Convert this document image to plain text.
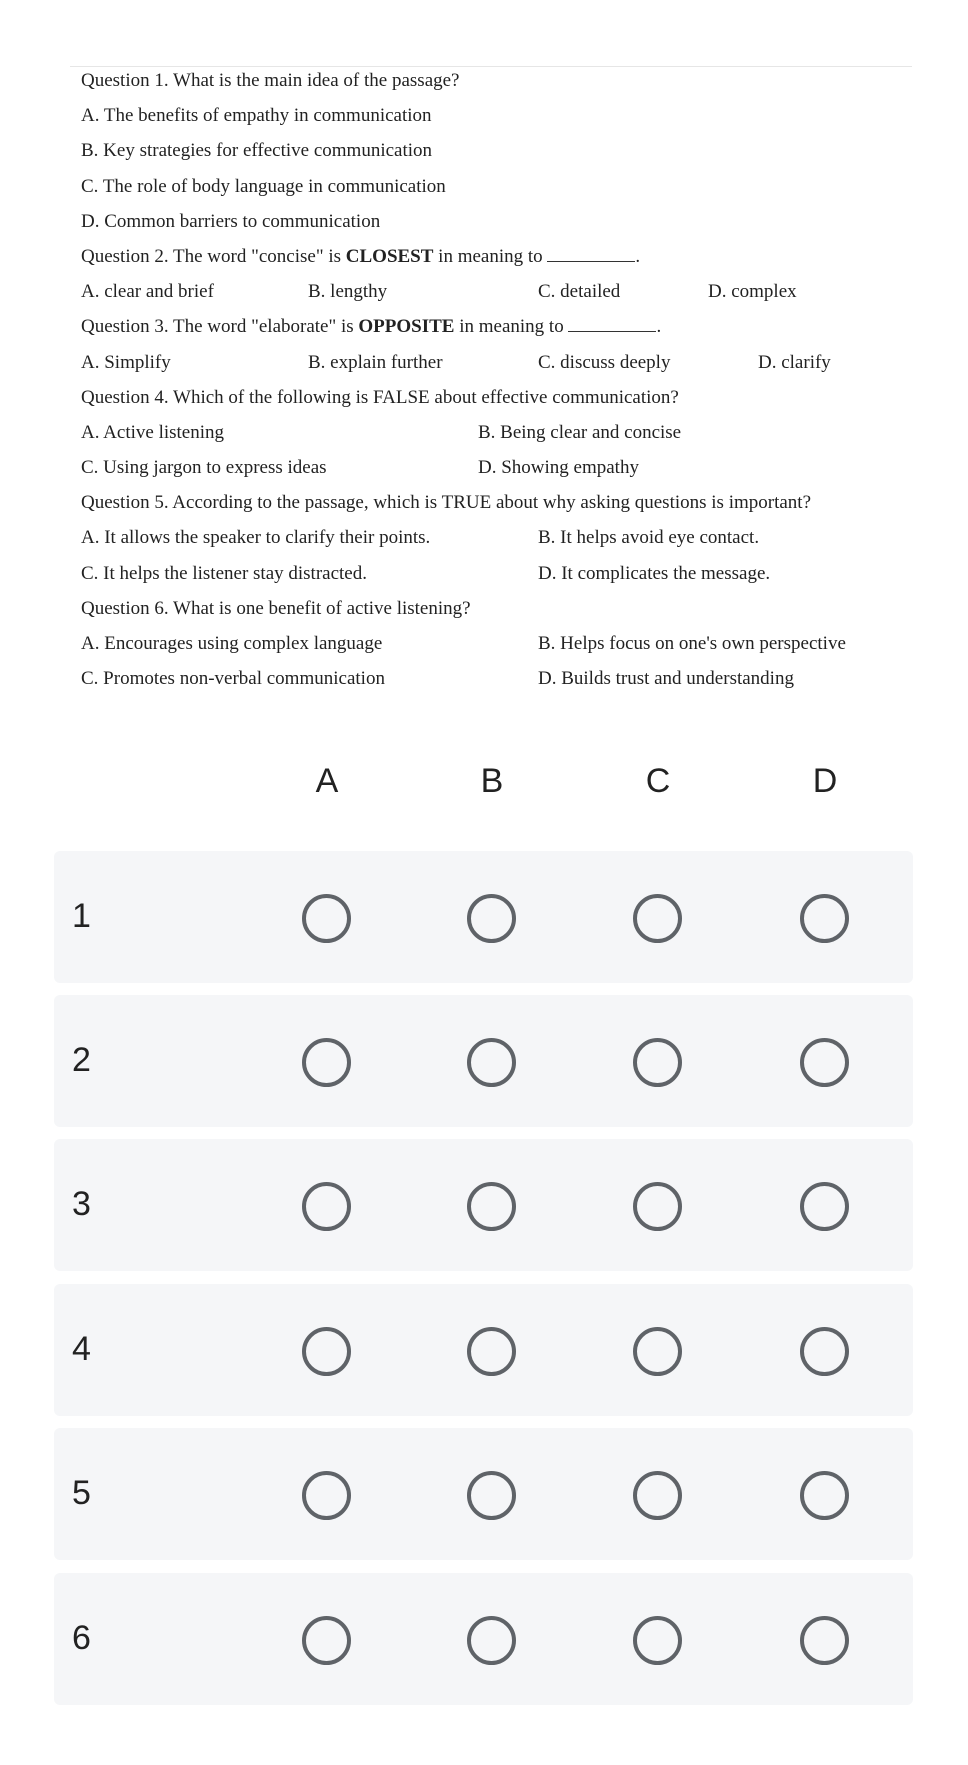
Question 1. What is the main idea of the passage?
A. The benefits of empathy in communication
B. Key strategies for effective communication
C. The role of body language in communication
D. Common barriers to communication
Question 2. The word "concise" is CLOSEST in meaning to	.
A. clear and brief	B. lengthy	C. detailed	D. complex
Question 3. The word "elaborate" is OPPOSITE in meaning to	.
A. Simplify	B. explain further	C. discuss deeply	D. clarify
Question 4. Which of the following is FALSE about effective communication?
A. Active listening	B. Being clear and concise
C. Using jargon to express ideas	D. Showing empathy
Question 5. According to the passage, which is TRUE about why asking questions is important?
A. It allows the speaker to clarify their points.	B. It helps avoid eye contact.
C. It helps the listener stay distracted.	D. It complicates the message.
Question 6. What is one benefit of active listening?
A. Encourages using complex language	B. Helps focus on one's own perspective
C. Promotes non-verbal communication	D. Builds trust and understanding
A	B	C	D
1
2
3
4
5
6
